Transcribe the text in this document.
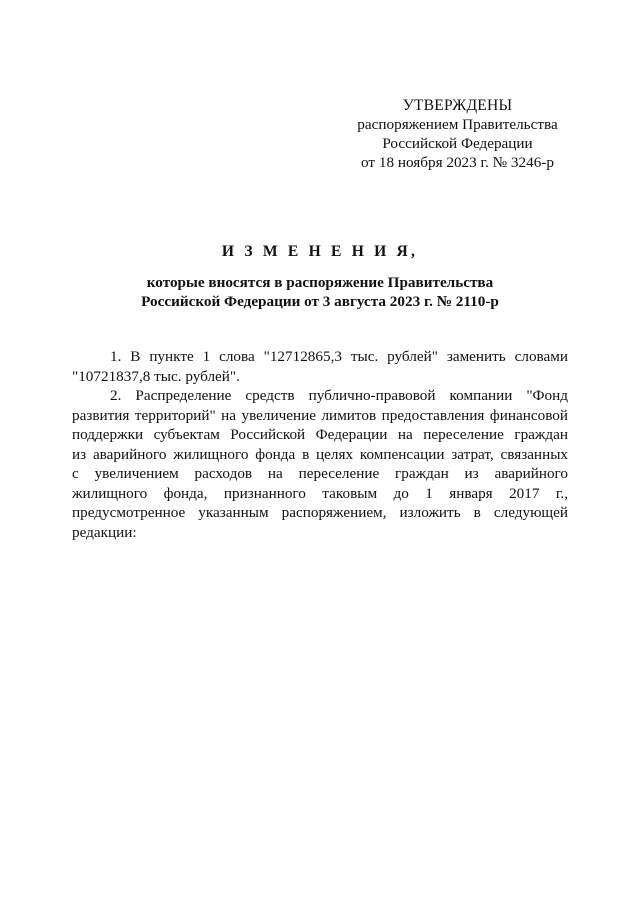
УТВЕРЖДЕНЫ
распоряжением Правительства
Российской Федерации
от 18 ноября 2023 г. № 3246-р
И З М Е Н Е Н И Я,
которые вносятся в распоряжение Правительства
Российской Федерации от 3 августа 2023 г. № 2110-р
1. В пункте 1 слова "12712865,3 тыс. рублей" заменить словами
"10721837,8 тыс. рублей".
2. Распределение средств публично-правовой компании "Фонд
развития территорий" на увеличение лимитов предоставления финансовой
поддержки субъектам Российской Федерации на переселение граждан
из аварийного жилищного фонда в целях компенсации затрат, связанных
с увеличением расходов на переселение граждан из аварийного
жилищного фонда, признанного таковым до 1 января 2017 г.,
предусмотренное указанным распоряжением, изложить в следующей
редакции:
